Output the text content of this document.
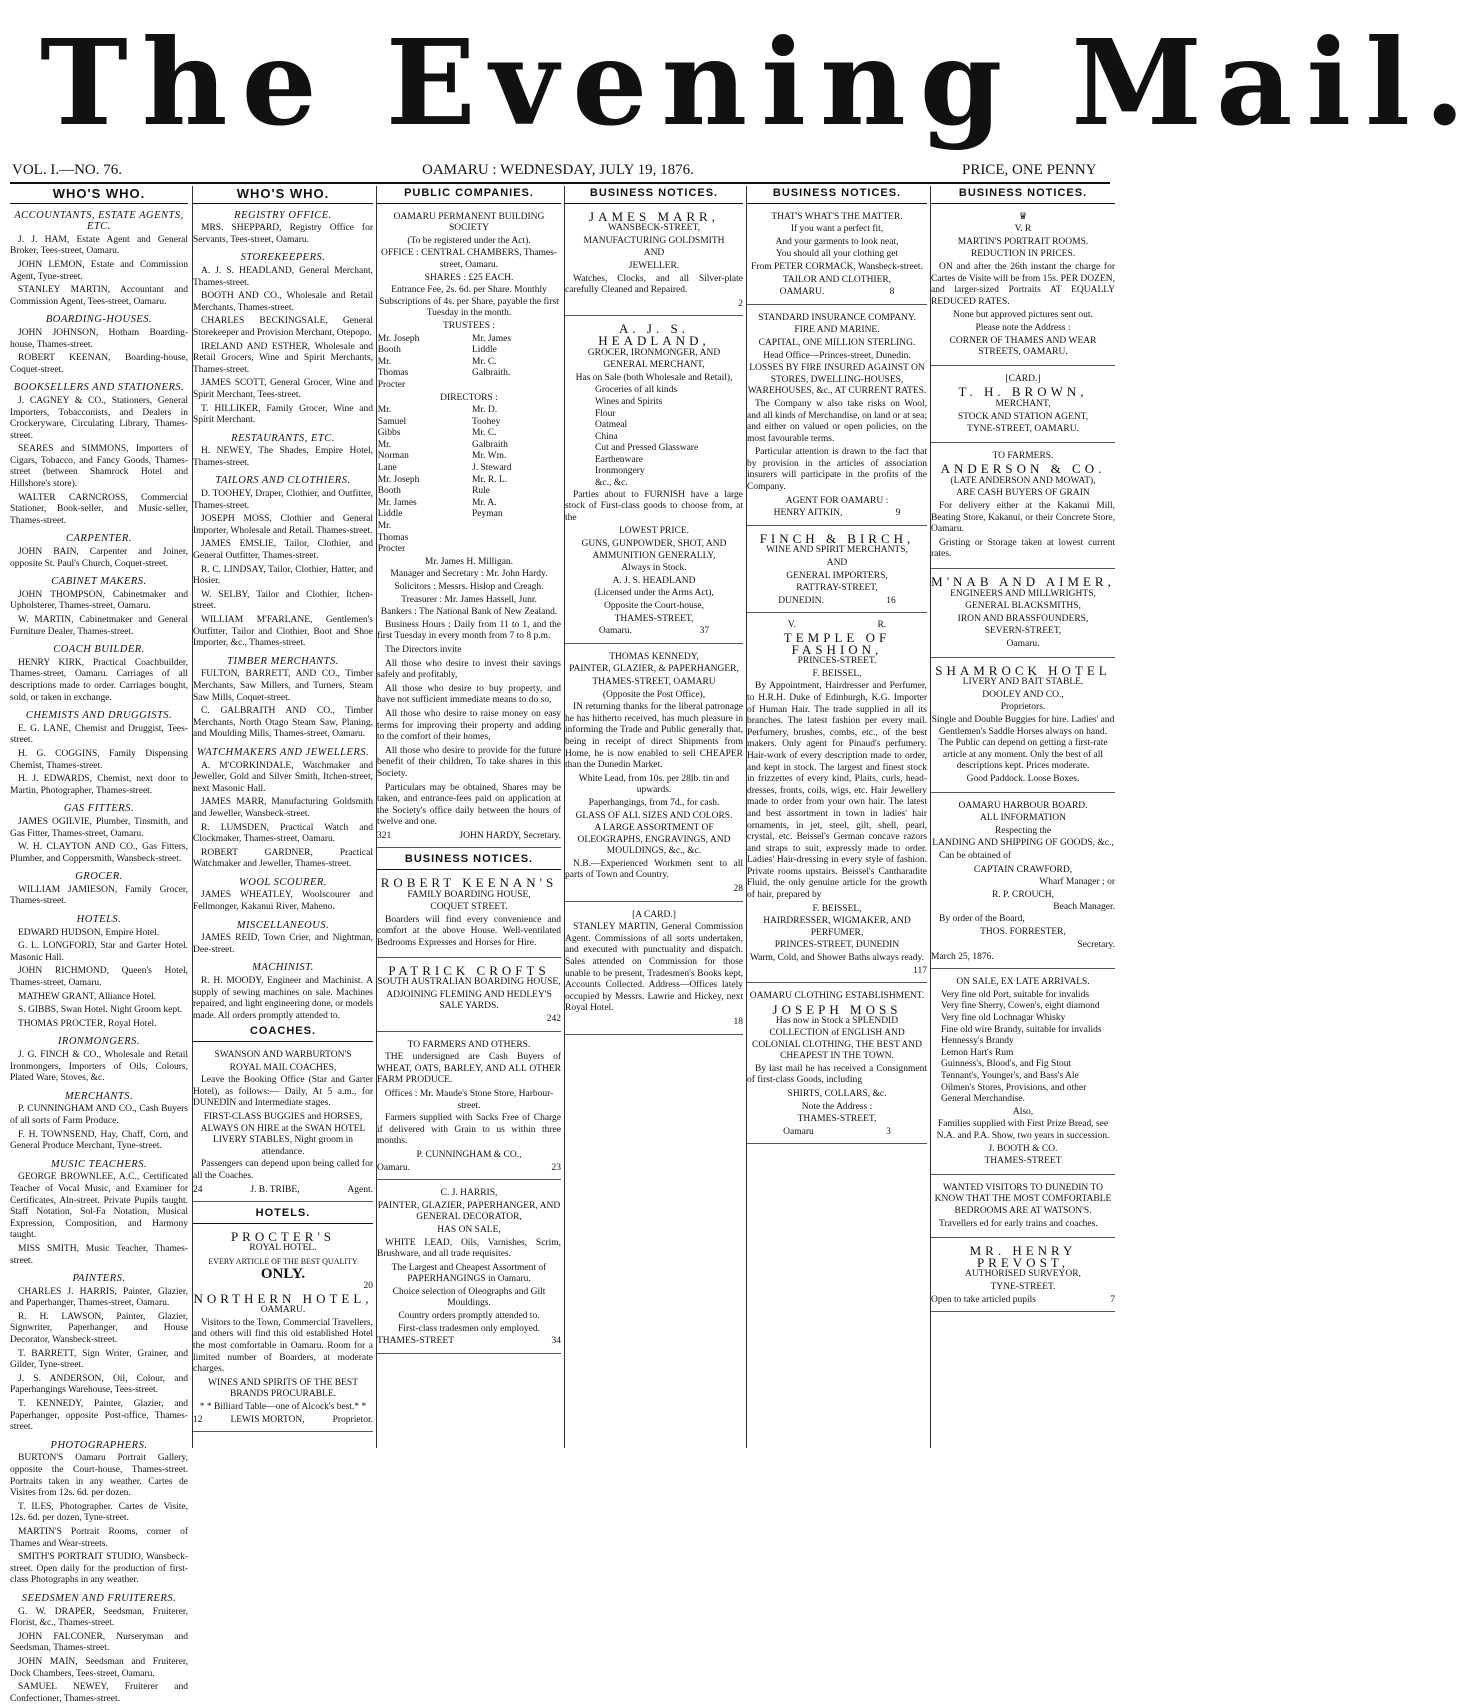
The Evening Mail.
VOL. I.—NO. 76.	OAMARU : WEDNESDAY, JULY 19, 1876.	PRICE, ONE PENNY
WHO'S WHO.
ACCOUNTANTS, ESTATE AGENTS, ETC.
J. J. HAM, Estate Agent and General Broker, Tees-street, Oamaru.
JOHN LEMON, Estate and Commission Agent, Tyne-street.
STANLEY MARTIN, Accountant and Commission Agent, Tees-street, Oamaru.
BOARDING-HOUSES.
JOHN JOHNSON, Hotham Boarding-house, Thames-street.
ROBERT KEENAN, Boarding-house, Coquet-street.
BOOKSELLERS AND STATIONERS.
J. CAGNEY & CO., Stationers, General Importers, Tobacconists, and Dealers in Crockeryware, Circulating Library, Thames-street.
SEARES and SIMMONS, Importers of Cigars, Tobacco, and Fancy Goods, Thames-street (between Shamrock Hotel and Hillshore's store).
WALTER CARNCROSS, Commercial Stationer, Book-seller, and Music-seller, Thames-street.
CARPENTER.
JOHN BAIN, Carpenter and Joiner, opposite St. Paul's Church, Coquet-street.
CABINET MAKERS.
JOHN THOMPSON, Cabinetmaker and Upholsterer, Thames-street, Oamaru.
W. MARTIN, Cabinetmaker and General Furniture Dealer, Thames-street.
COACH BUILDER.
HENRY KIRK, Practical Coachbuilder, Thames-street, Oamaru. Carriages of all descriptions made to order. Carriages bought, sold, or taken in exchange.
CHEMISTS AND DRUGGISTS.
E. G. LANE, Chemist and Druggist, Tees-street.
H. G. COGGINS, Family Dispensing Chemist, Thames-street.
H. J. EDWARDS, Chemist, next door to Martin, Photographer, Thames-street.
GAS FITTERS.
JAMES OGILVIE, Plumber, Tinsmith, and Gas Fitter, Thames-street, Oamaru.
W. H. CLAYTON AND CO., Gas Fitters, Plumber, and Coppersmith, Wansbeck-street.
GROCER.
WILLIAM JAMIESON, Family Grocer, Thames-street.
HOTELS.
EDWARD HUDSON, Empire Hotel.
G. L. LONGFORD, Star and Garter Hotel. Masonic Hall.
JOHN RICHMOND, Queen's Hotel, Thames-street, Oamaru.
MATHEW GRANT, Alliance Hotel.
S. GIBBS, Swan Hotel. Night Groom kept.
THOMAS PROCTER, Royal Hotel.
IRONMONGERS.
J. G. FINCH & CO., Wholesale and Retail Ironmongers, Importers of Oils, Colours, Plated Ware, Stoves, &c.
MERCHANTS.
P. CUNNINGHAM AND CO., Cash Buyers of all sorts of Farm Produce.
F. H. TOWNSEND, Hay, Chaff, Corn, and General Produce Merchant, Tyne-street.
MUSIC TEACHERS.
GEORGE BROWNLEE, A.C., Certificated Teacher of Vocal Music, and Examiner for Certificates, Aln-street. Private Pupils taught. Staff Notation, Sol-Fa Notation, Musical Expression, Composition, and Harmony taught.
MISS SMITH, Music Teacher, Thames-street.
PAINTERS.
CHARLES J. HARRIS, Painter, Glazier, and Paperhanger, Thames-street, Oamaru.
R. H. LAWSON, Painter, Glazier, Signwriter, Paperhanger, and House Decorator, Wansbeck-street.
T. BARRETT, Sign Writer, Grainer, and Gilder, Tyne-street.
J. S. ANDERSON, Oil, Colour, and Paperhangings Warehouse, Tees-street.
T. KENNEDY, Painter, Glazier, and Paperhanger, opposite Post-office, Thames-street.
PHOTOGRAPHERS.
BURTON'S Oamaru Portrait Gallery, opposite the Court-house, Thames-street. Portraits taken in any weather. Cartes de Visites from 12s. 6d. per dozen.
T. ILES, Photographer. Cartes de Visite, 12s. 6d. per dozen, Tyne-street.
MARTIN'S Portrait Rooms, corner of Thames and Wear-streets.
SMITH'S PORTRAIT STUDIO, Wansbeck-street. Open daily for the production of first-class Photographs in any weather.
SEEDSMEN AND FRUITERERS.
G. W. DRAPER, Seedsman, Fruiterer, Florist, &c., Thames-street.
JOHN FALCONER, Nurseryman and Seedsman, Thames-street.
JOHN MAIN, Seedsman and Fruiterer, Dock Chambers, Tees-street, Oamaru.
SAMUEL NEWEY, Fruiterer and Confectioner, Thames-street.
WHO'S WHO.
REGISTRY OFFICE.
MRS. SHEPPARD, Registry Office for Servants, Tees-street, Oamaru.
STOREKEEPERS.
A. J. S. HEADLAND, General Merchant, Thames-street.
BOOTH AND CO., Wholesale and Retail Merchants, Thames-street.
CHARLES BECKINGSALE, General Storekeeper and Provision Merchant, Otepopo.
IRELAND AND ESTHER, Wholesale and Retail Grocers, Wine and Spirit Merchants, Thames-street.
JAMES SCOTT, General Grocer, Wine and Spirit Merchant, Tees-street.
T. HILLIKER, Family Grocer, Wine and Spirit Merchant.
RESTAURANTS, ETC.
H. NEWEY, The Shades, Empire Hotel, Thames-street.
TAILORS AND CLOTHIERS.
D. TOOHEY, Draper, Clothier, and Outfitter, Thames-street.
JOSEPH MOSS, Clothier and General Importer, Wholesale and Retail. Thames-street.
JAMES EMSLIE, Tailor, Clothier, and General Outfitter, Thames-street.
R. C. LINDSAY, Tailor, Clothier, Hatter, and Hosier.
W. SELBY, Tailor and Clothier, Itchen-street.
WILLIAM M'FARLANE, Gentlemen's Outfitter, Tailor and Clothier, Boot and Shoe Importer, &c., Thames-street.
TIMBER MERCHANTS.
FULTON, BARRETT, AND CO., Timber Merchants, Saw Millers, and Turners, Steam Saw Mills, Coquet-street.
C. GALBRAITH AND CO., Timber Merchants, North Otago Steam Saw, Planing, and Moulding Mills, Thames-street, Oamaru.
WATCHMAKERS AND JEWELLERS.
A. M'CORKINDALE, Watchmaker and Jeweller, Gold and Silver Smith, Itchen-street, next Masonic Hall.
JAMES MARR, Manufacturing Goldsmith and Jeweller, Wansbeck-street.
R. LUMSDEN, Practical Watch and Clockmaker, Thames-street, Oamaru.
ROBERT GARDNER, Practical Watchmaker and Jeweller, Thames-street.
WOOL SCOURER.
JAMES WHEATLEY, Woolscourer and Fellmonger, Kakanui River, Maheno.
MISCELLANEOUS.
JAMES REID, Town Crier, and Nightman, Dee-street.
MACHINIST.
R. H. MOODY, Engineer and Machinist. A supply of sewing machines on sale. Machines repaired, and light engineering done, or models made. All orders promptly attended to.
COACHES.
SWANSON AND WARBURTON'S
ROYAL MAIL COACHES,
Leave the Booking Office (Star and Garter Hotel), as follows:— Daily, At 5 a.m., for DUNEDIN and Intermediate stages.
FIRST-CLASS BUGGIES and HORSES, ALWAYS ON HIRE at the SWAN HOTEL LIVERY STABLES, Night groom in attendance.
Passengers can depend upon being called for all the Coaches.
24	J. B. TRIBE,	Agent.
HOTELS.
PROCTER'S
ROYAL HOTEL.
EVERY ARTICLE OF THE BEST QUALITY
ONLY.
20
NORTHERN HOTEL,
OAMARU.
Visitors to the Town, Commercial Travellers, and others will find this old established Hotel the most comfortable in Oamaru. Room for a limited number of Boarders, at moderate charges.
WINES AND SPIRITS OF THE BEST BRANDS PROCURABLE.
* * Billiard Table—one of Alcock's best.* *
12	LEWIS MORTON,	Proprietor.
PUBLIC COMPANIES.
OAMARU PERMANENT BUILDING SOCIETY
(To be registered under the Act).
OFFICE : CENTRAL CHAMBERS, Thames-street, Oamaru.
SHARES : £25 EACH.
Entrance Fee, 2s. 6d. per Share. Monthly Subscriptions of 4s. per Share, payable the first Tuesday in the month.
TRUSTEES :
Mr. Joseph Booth
Mr. Thomas Procter
Mr. James Liddle
Mr. C. Galbraith.
DIRECTORS :
Mr. Samuel Gibbs
Mr. Norman Lane
Mr. Joseph Booth
Mr. James Liddle
Mr. Thomas Procter
Mr. D. Toohey
Mr. C. Galbraith
Mr. Wm. J. Steward
Mr. R. L. Rule
Mr. A. Peyman
Mr. James H. Milligan.
Manager and Secretary : Mr. John Hardy.
Solicitors : Messrs. Hislop and Creagh.
Treasurer : Mr. James Hassell, Junr.
Bankers : The National Bank of New Zealand.
Business Hours : Daily from 11 to 1, and the first Tuesday in every month from 7 to 8 p.m.
The Directors invite
All those who desire to invest their savings safely and profitably,
All those who desire to buy property, and have not sufficient immediate means to do so,
All those who desire to raise money on easy terms for improving their property and adding to the comfort of their homes,
All those who desire to provide for the future benefit of their children, To take shares in this Society.
Particulars may be obtained, Shares may be taken, and entrance-fees paid on application at the Society's office daily between the hours of twelve and one.
321	JOHN HARDY, Secretary.
BUSINESS NOTICES.
ROBERT KEENAN'S
FAMILY BOARDING HOUSE,
COQUET STREET.
Boarders will find every convenience and comfort at the above House. Well-ventilated Bedrooms Expresses and Horses for Hire.
PATRICK CROFTS
SOUTH AUSTRALIAN BOARDING HOUSE,
ADJOINING FLEMING AND HEDLEY'S SALE YARDS.
242
TO FARMERS AND OTHERS.
THE undersigned are Cash Buyers of WHEAT, OATS, BARLEY, AND ALL OTHER FARM PRODUCE.
Offices : Mr. Maude's Stone Store, Harbour-street.
Farmers supplied with Sacks Free of Charge if delivered with Grain to us within three months.
P. CUNNINGHAM & CO.,
Oamaru.	23
C. J. HARRIS,
PAINTER, GLAZIER, PAPERHANGER, AND GENERAL DECORATOR,
HAS ON SALE,
WHITE LEAD, Oils, Varnishes, Scrim, Brushware, and all trade requisites.
The Largest and Cheapest Assortment of PAPERHANGINGS in Oamaru.
Choice selection of Oleographs and Gilt Mouldings.
Country orders promptly attended to.
First-class tradesmen only employed.
THAMES-STREET	34
BUSINESS NOTICES.
JAMES MARR,
WANSBECK-STREET,
MANUFACTURING GOLDSMITH
AND
JEWELLER.
Watches, Clocks, and all Silver-plate carefully Cleaned and Repaired.
2
A. J. S. HEADLAND,
GROCER, IRONMONGER, AND
GENERAL MERCHANT,
Has on Sale (both Wholesale and Retail),
Groceries of all kinds
Wines and Spirits
Flour
Oatmeal
China
Cut and Pressed Glassware
Earthenware
Ironmongery
&c., &c.
Parties about to FURNISH have a large stock of First-class goods to choose from, at the
LOWEST PRICE.
GUNS, GUNPOWDER, SHOT, AND AMMUNITION GENERALLY,
Always in Stock.
A. J. S. HEADLAND
(Licensed under the Arms Act),
Opposite the Court-house,
THAMES-STREET,
Oamaru.	37
THOMAS KENNEDY,
PAINTER, GLAZIER, & PAPERHANGER,
THAMES-STREET, OAMARU
(Opposite the Post Office),
IN returning thanks for the liberal patronage he has hitherto received, has much pleasure in informing the Trade and Public generally that, being in receipt of direct Shipments from Home, he is now enabled to sell CHEAPER than the Dunedin Market.
White Lead, from 10s. per 28lb. tin and upwards.
Paperhangings, from 7d., for cash.
GLASS OF ALL SIZES AND COLORS.
A LARGE ASSORTMENT OF OLEOGRAPHS, ENGRAVINGS, AND MOULDINGS, &c., &c.
N.B.—Experienced Workmen sent to all parts of Town and Country.
28
[A CARD.]
STANLEY MARTIN, General Commission Agent. Commissions of all sorts undertaken, and executed with punctuality and dispatch. Sales attended on Commission for those unable to be present, Tradesmen's Books kept, Accounts Collected. Address—Offices lately occupied by Messrs. Lawrie and Hickey, next Royal Hotel.
18
BUSINESS NOTICES.
THAT'S WHAT'S THE MATTER.
If you want a perfect fit,
And your garments to look neat,
You should all your clothing get
From PETER CORMACK, Wansbeck-street.
TAILOR AND CLOTHIER,
OAMARU.	8
STANDARD INSURANCE COMPANY.
FIRE AND MARINE.
CAPITAL, ONE MILLION STERLING.
Head Office—Princes-street, Dunedin.
LOSSES BY FIRE INSURED AGAINST ON STORES, DWELLING-HOUSES, WAREHOUSES, &c., AT CURRENT RATES.
The Company w also take risks on Wool, and all kinds of Merchandise, on land or at sea; and either on valued or open policies, on the most favourable terms.
Particular attention is drawn to the fact that by provision in the articles of association insurers will participate in the profits of the Company.
AGENT FOR OAMARU :
HENRY AITKIN,	9
FINCH & BIRCH,
WINE AND SPIRIT MERCHANTS,
AND
GENERAL IMPORTERS,
RATTRAY-STREET,
DUNEDIN.	16
V.	R.
TEMPLE OF FASHION,
PRINCES-STREET.
F. BEISSEL,
By Appointment, Hairdresser and Perfumer, to H.R.H. Duke of Edinburgh, K.G. Importer of Human Hair. The trade supplied in all its branches. The latest fashion per every mail. Perfumery, brushes, combs, etc., of the best makers. Only agent for Pinaud's perfumery. Hair-work of every description made to order, and kept in stock. The largest and finest stock in frizzettes of every kind, Plaits, curls, head-dresses, fronts, coils, wigs, etc. Hair Jewellery made to order from your own hair. The latest and best assortment in town in ladies' hair ornaments, in jet, steel, gilt, shell, pearl, crystal, etc. Beissel's German concave razors and straps to suit, expressly made to order. Ladies' Hair-dressing in every style of fashion. Private rooms upstairs. Beissel's Cantharadite Fluid, the only genuine article for the growth of hair, prepared by
F. BEISSEL,
HAIRDRESSER, WIGMAKER, AND PERFUMER,
PRINCES-STREET, DUNEDIN
Warm, Cold, and Shower Baths always ready.
117
OAMARU CLOTHING ESTABLISHMENT.
JOSEPH MOSS
Has now in Stock a SPLENDID COLLECTION of ENGLISH AND COLONIAL CLOTHING, THE BEST AND CHEAPEST IN THE TOWN.
By last mail he has received a Consignment of first-class Goods, including
SHIRTS, COLLARS, &c.
Note the Address :
THAMES-STREET,
Oamaru	3
BUSINESS NOTICES.
♛
V. R
MARTIN'S PORTRAIT ROOMS.
REDUCTION IN PRICES.
ON and after the 26th instant the charge for Cartes de Visite will be from 15s. PER DOZEN, and larger-sized Portraits AT EQUALLY REDUCED RATES.
None but approved pictures sent out.
Please note the Address :
CORNER OF THAMES AND WEAR STREETS, OAMARU.
[CARD.]
T. H. BROWN,
MERCHANT,
STOCK AND STATION AGENT,
TYNE-STREET, OAMARU.
TO FARMERS.
ANDERSON & CO.
(LATE ANDERSON AND MOWAT),
ARE CASH BUYERS OF GRAIN
For delivery either at the Kakanui Mill, Beating Store, Kakanui, or their Concrete Store, Oamaru.
Gristing or Storage taken at lowest current rates.
M'NAB AND AIMER,
ENGINEERS AND MILLWRIGHTS,
GENERAL BLACKSMITHS,
IRON AND BRASSFOUNDERS,
SEVERN-STREET,
Oamaru.
SHAMROCK HOTEL
LIVERY AND BAIT STABLE.
DOOLEY AND CO.,
Proprietors.
Single and Double Buggies for hire. Ladies' and Gentlemen's Saddle Horses always on hand. The Public can depend on getting a first-rate article at any moment. Only the best of all descriptions kept. Prices moderate.
Good Paddock. Loose Boxes.
OAMARU HARBOUR BOARD.
ALL INFORMATION
Respecting the
LANDING AND SHIPPING OF GOODS, &c.,
Can be obtained of
CAPTAIN CRAWFORD,
Wharf Manager ; or
R. P. CROUCH,
Beach Manager.
By order of the Board,
THOS. FORRESTER,
Secretary.
March 25, 1876.
ON SALE, EX LATE ARRIVALS.
Very fine old Port, suitable for invalids
Very fine Sherry, Cowen's, eight diamond
Very fine old Lochnagar Whisky
Fine old wire Brandy, suitable for invalids
Hennessy's Brandy
Lemon Hart's Rum
Guinness's, Blood's, and Fig Stout
Tennant's, Younger's, and Bass's Ale
Oilmen's Stores, Provisions, and other General Merchandise.
Also,
Families supplied with First Prize Bread, see N.A. and P.A. Show, two years in succession.
J. BOOTH & CO.
THAMES-STREET
WANTED VISITORS TO DUNEDIN TO KNOW THAT THE MOST COMFORTABLE BEDROOMS ARE AT WATSON'S.
Travellers ed for early trains and coaches.
MR. HENRY PREVOST,
AUTHORISED SURVEYOR,
TYNE-STREET.
Open to take articled pupils	7
